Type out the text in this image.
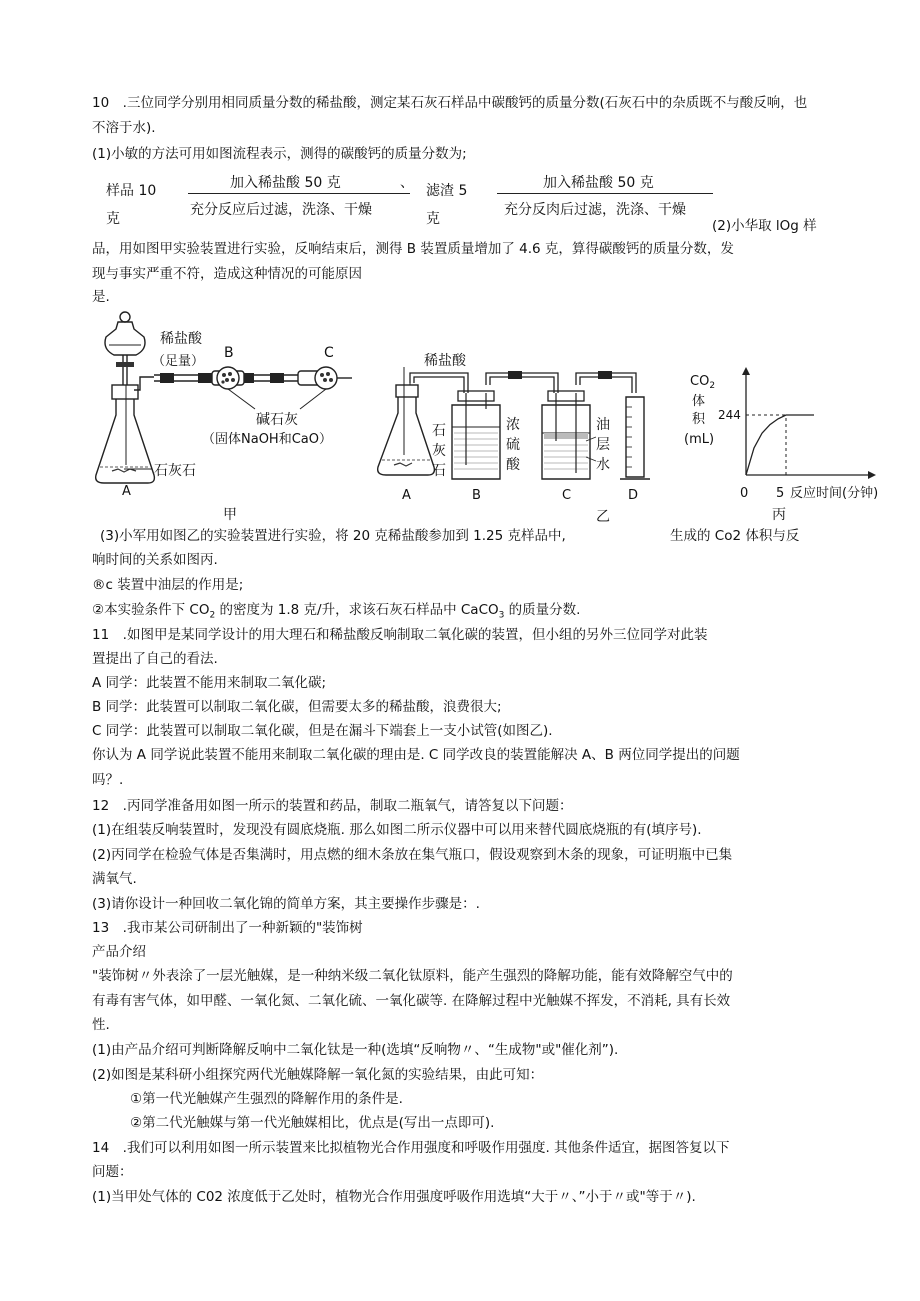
10　.三位同学分别用相同质量分数的稀盐酸，测定某石灰石样品中碳酸钙的质量分数(石灰石中的杂质既不与酸反响，也
不溶于水).
(1)小敏的方法可用如图流程表示，测得的碳酸钙的质量分数为;
样品 10
克
加入稀盐酸 50 克	、
充分反应后过滤，洗涤、干燥
滤渣 5
克
加入稀盐酸 50 克
充分反肉后过滤，洗涤、干燥
(2)小华取 lOg 样
品，用如图甲实验装置进行实验，反响结束后，测得 B 装置质量增加了 4.6 克，算得碳酸钙的质量分数，发
现与事实严重不符，造成这种情况的可能原因
是.
稀盐酸
（足量）
B	C
碱石灰
（固体NaOH和CaO）
石灰石
A
甲
稀盐酸
石
灰
石
浓
硫
酸
油
层
水
A	B	C	D
乙
$CO_2$
体
积
(mL)
244
0 5 反应时间(分钟)
丙
(3)小军用如图乙的实验装置进行实验，将 20 克稀盐酸参加到 1.25 克样品中,	生成的 Co2 体积与反
响时间的关系如图丙.
®c 装置中油层的作用是;
②本实验条件下 $CO_2$ 的密度为 1.8 克/升，求该石灰石样品中 CaCO$_3$ 的质量分数.
11　.如图甲是某同学设计的用大理石和稀盐酸反响制取二氧化碳的装置，但小组的另外三位同学对此装
置提出了自己的看法.
A 同学：此装置不能用来制取二氧化碳;
B 同学：此装置可以制取二氧化碳，但需要太多的稀盐酸，浪费很大;
C 同学：此装置可以制取二氧化碳，但是在漏斗下端套上一支小试管(如图乙).
你认为 A 同学说此装置不能用来制取二氧化碳的理由是. C 同学改良的装置能解决 A、B 两位同学提出的问题
吗？.
12　.丙同学准备用如图一所示的装置和药品，制取二瓶氧气，请答复以下问题：
(1)在组装反响装置时，发现没有圆底烧瓶. 那么如图二所示仪器中可以用来替代圆底烧瓶的有(填序号).
(2)丙同学在检验气体是否集满时，用点燃的细木条放在集气瓶口，假设观察到木条的现象，可证明瓶中已集
满氧气.
(3)请你设计一种回收二氧化锦的简单方案，其主要操作步骤是：.
13　.我市某公司研制出了一种新颖的"装饰树
产品介绍
"装饰树〃外表涂了一层光触媒，是一种纳米级二氧化钛原料，能产生强烈的降解功能，能有效降解空气中的
有毒有害气体，如甲醛、一氧化氮、二氧化硫、一氧化碳等. 在降解过程中光触媒不挥发，不消耗, 具有长效
性.
(1)由产品介绍可判断降解反响中二氧化钛是一种(选填“反响物〃、“生成物"或"催化剂”).
(2)如图是某科研小组探究两代光触媒降解一氧化氮的实验结果，由此可知：
①第一代光触媒产生强烈的降解作用的条件是.
②第二代光触媒与第一代光触媒相比，优点是(写出一点即可).
14　.我们可以利用如图一所示装置来比拟植物光合作用强度和呼吸作用强度. 其他条件适宜，据图答复以下
问题：
(1)当甲处气体的 C02 浓度低于乙处时，植物光合作用强度呼吸作用选填“大于〃、”小于〃或"等于〃).
